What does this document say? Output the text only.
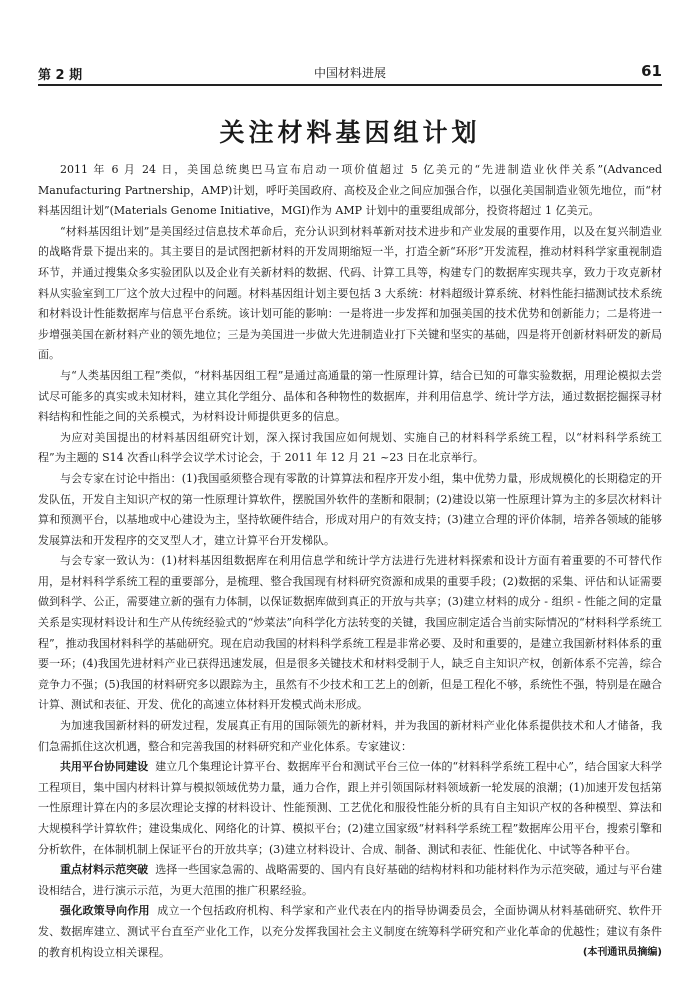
第 2 期	中国材料进展	61
关注材料基因组计划

2011 年 6 月 24 日，美国总统奥巴马宣布启动一项价值超过 5 亿美元的“先进制造业伙伴关系”(Advanced Manufacturing Partnership，AMP)计划，呼吁美国政府、高校及企业之间应加强合作，以强化美国制造业领先地位，而“材料基因组计划”(Materials Genome Initiative，MGI)作为 AMP 计划中的重要组成部分，投资将超过 1 亿美元。

“材料基因组计划”是美国经过信息技术革命后，充分认识到材料革新对技术进步和产业发展的重要作用，以及在复兴制造业的战略背景下提出来的。其主要目的是试图把新材料的开发周期缩短一半，打造全新“环形”开发流程，推动材料科学家重视制造环节，并通过搜集众多实验团队以及企业有关新材料的数据、代码、计算工具等，构建专门的数据库实现共享，致力于攻克新材料从实验室到工厂这个放大过程中的问题。材料基因组计划主要包括 3 大系统：材料超级计算系统、材料性能扫描测试技术系统和材料设计性能数据库与信息平台系统。该计划可能的影响：一是将进一步发挥和加强美国的技术优势和创新能力；二是将进一步增强美国在新材料产业的领先地位；三是为美国进一步做大先进制造业打下关键和坚实的基础，四是将开创新材料研发的新局面。

与“人类基因组工程”类似，“材料基因组工程”是通过高通量的第一性原理计算，结合已知的可靠实验数据，用理论模拟去尝试尽可能多的真实或未知材料，建立其化学组分、晶体和各种物性的数据库，并利用信息学、统计学方法，通过数据挖掘探寻材料结构和性能之间的关系模式，为材料设计师提供更多的信息。

为应对美国提出的材料基因组研究计划，深入探讨我国应如何规划、实施自己的材料科学系统工程，以“材料科学系统工程”为主题的 S14 次香山科学会议学术讨论会，于 2011 年 12 月 21 ~23 日在北京举行。

与会专家在讨论中指出：(1)我国亟须整合现有零散的计算算法和程序开发小组，集中优势力量，形成规模化的长期稳定的开发队伍，开发自主知识产权的第一性原理计算软件，摆脱国外软件的垄断和限制；(2)建设以第一性原理计算为主的多层次材料计算和预测平台，以基地或中心建设为主，坚持软硬件结合，形成对用户的有效支持；(3)建立合理的评价体制，培养各领域的能够发展算法和开发程序的交叉型人才，建立计算平台开发梯队。

与会专家一致认为：(1)材料基因组数据库在利用信息学和统计学方法进行先进材料探索和设计方面有着重要的不可替代作用，是材料科学系统工程的重要部分，是梳理、整合我国现有材料研究资源和成果的重要手段；(2)数据的采集、评估和认证需要做到科学、公正，需要建立新的强有力体制，以保证数据库做到真正的开放与共享；(3)建立材料的成分 - 组织 - 性能之间的定量关系是实现材料设计和生产从传统经验式的“炒菜法”向科学化方法转变的关键，我国应制定适合当前实际情况的“材料科学系统工程”，推动我国材料科学的基础研究。现在启动我国的材料科学系统工程是非常必要、及时和重要的，是建立我国新材料体系的重要一环；(4)我国先进材料产业已获得迅速发展，但是很多关键技术和材料受制于人，缺乏自主知识产权，创新体系不完善，综合竞争力不强；(5)我国的材料研究多以跟踪为主，虽然有不少技术和工艺上的创新，但是工程化不够，系统性不强，特别是在融合计算、测试和表征、开发、优化的高速立体材料开发模式尚未形成。

为加速我国新材料的研发过程，发展真正有用的国际领先的新材料，并为我国的新材料产业化体系提供技术和人才储备，我们急需抓住这次机遇，整合和完善我国的材料研究和产业化体系。专家建议：

共用平台协同建设 建立几个集理论计算平台、数据库平台和测试平台三位一体的“材料科学系统工程中心”，结合国家大科学工程项目，集中国内材料计算与模拟领域优势力量，通力合作，跟上并引领国际材料领域新一轮发展的浪潮；(1)加速开发包括第一性原理计算在内的多层次理论支撑的材料设计、性能预测、工艺优化和服役性能分析的具有自主知识产权的各种模型、算法和大规模科学计算软件；建设集成化、网络化的计算、模拟平台；(2)建立国家级“材料科学系统工程”数据库公用平台，搜索引擎和分析软件，在体制机制上保证平台的开放共享；(3)建立材料设计、合成、制备、测试和表征、性能优化、中试等各种平台。

重点材料示范突破 选择一些国家急需的、战略需要的、国内有良好基础的结构材料和功能材料作为示范突破，通过与平台建设相结合，进行演示示范，为更大范围的推广积累经验。

强化政策导向作用 成立一个包括政府机构、科学家和产业代表在内的指导协调委员会，全面协调从材料基础研究、软件开发、数据库建立、测试平台直至产业化工作，以充分发挥我国社会主义制度在统筹科学研究和产业化革命的优越性；建议有条件的教育机构设立相关课程。	(本刊通讯员摘编)
